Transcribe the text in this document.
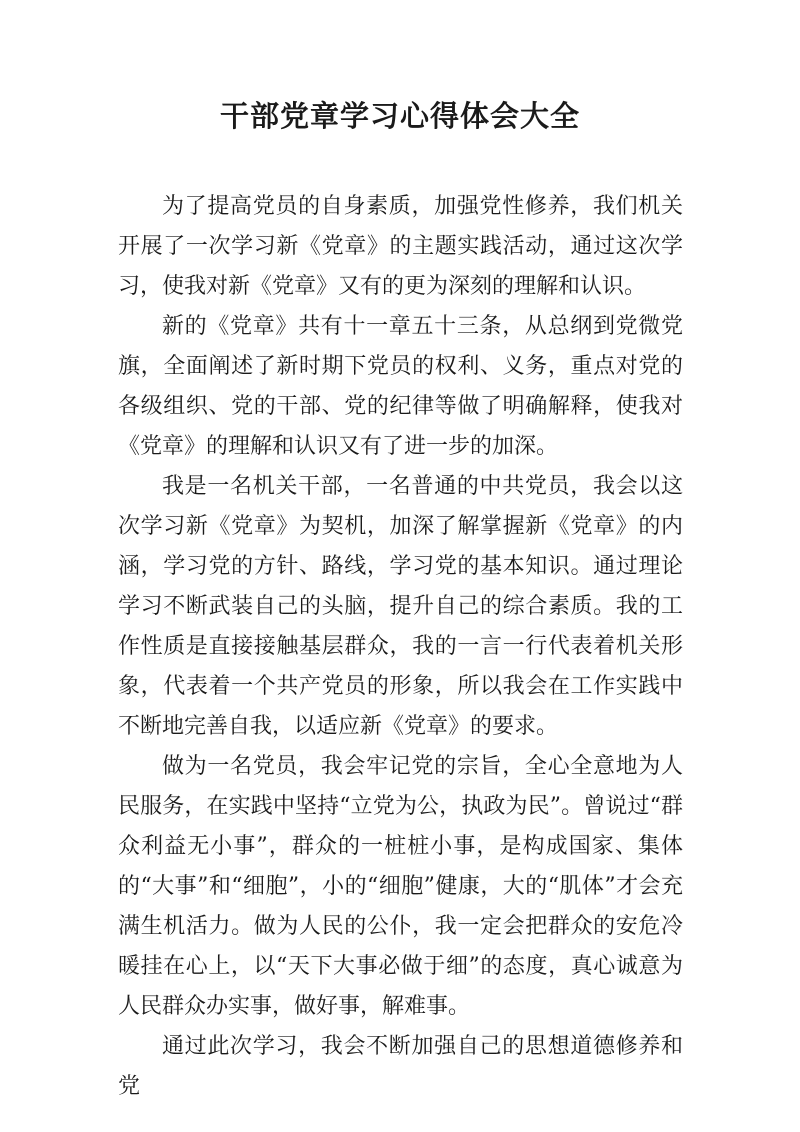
干部党章学习心得体会大全

为了提高党员的自身素质，加强党性修养，我们机关开展了一次学习新《党章》的主题实践活动，通过这次学习，使我对新《党章》又有的更为深刻的理解和认识。

新的《党章》共有十一章五十三条，从总纲到党微党旗，全面阐述了新时期下党员的权利、义务，重点对党的各级组织、党的干部、党的纪律等做了明确解释，使我对《党章》的理解和认识又有了进一步的加深。

我是一名机关干部，一名普通的中共党员，我会以这次学习新《党章》为契机，加深了解掌握新《党章》的内涵，学习党的方针、路线，学习党的基本知识。通过理论学习不断武装自己的头脑，提升自己的综合素质。我的工作性质是直接接触基层群众，我的一言一行代表着机关形象，代表着一个共产党员的形象，所以我会在工作实践中不断地完善自我，以适应新《党章》的要求。

做为一名党员，我会牢记党的宗旨，全心全意地为人民服务，在实践中坚持“立党为公，执政为民”。曾说过“群众利益无小事”，群众的一桩桩小事，是构成国家、集体的“大事”和“细胞”，小的“细胞”健康，大的“肌体”才会充满生机活力。做为人民的公仆，我一定会把群众的安危冷暖挂在心上，以“天下大事必做于细”的态度，真心诚意为人民群众办实事，做好事，解难事。

通过此次学习，我会不断加强自己的思想道德修养和党
